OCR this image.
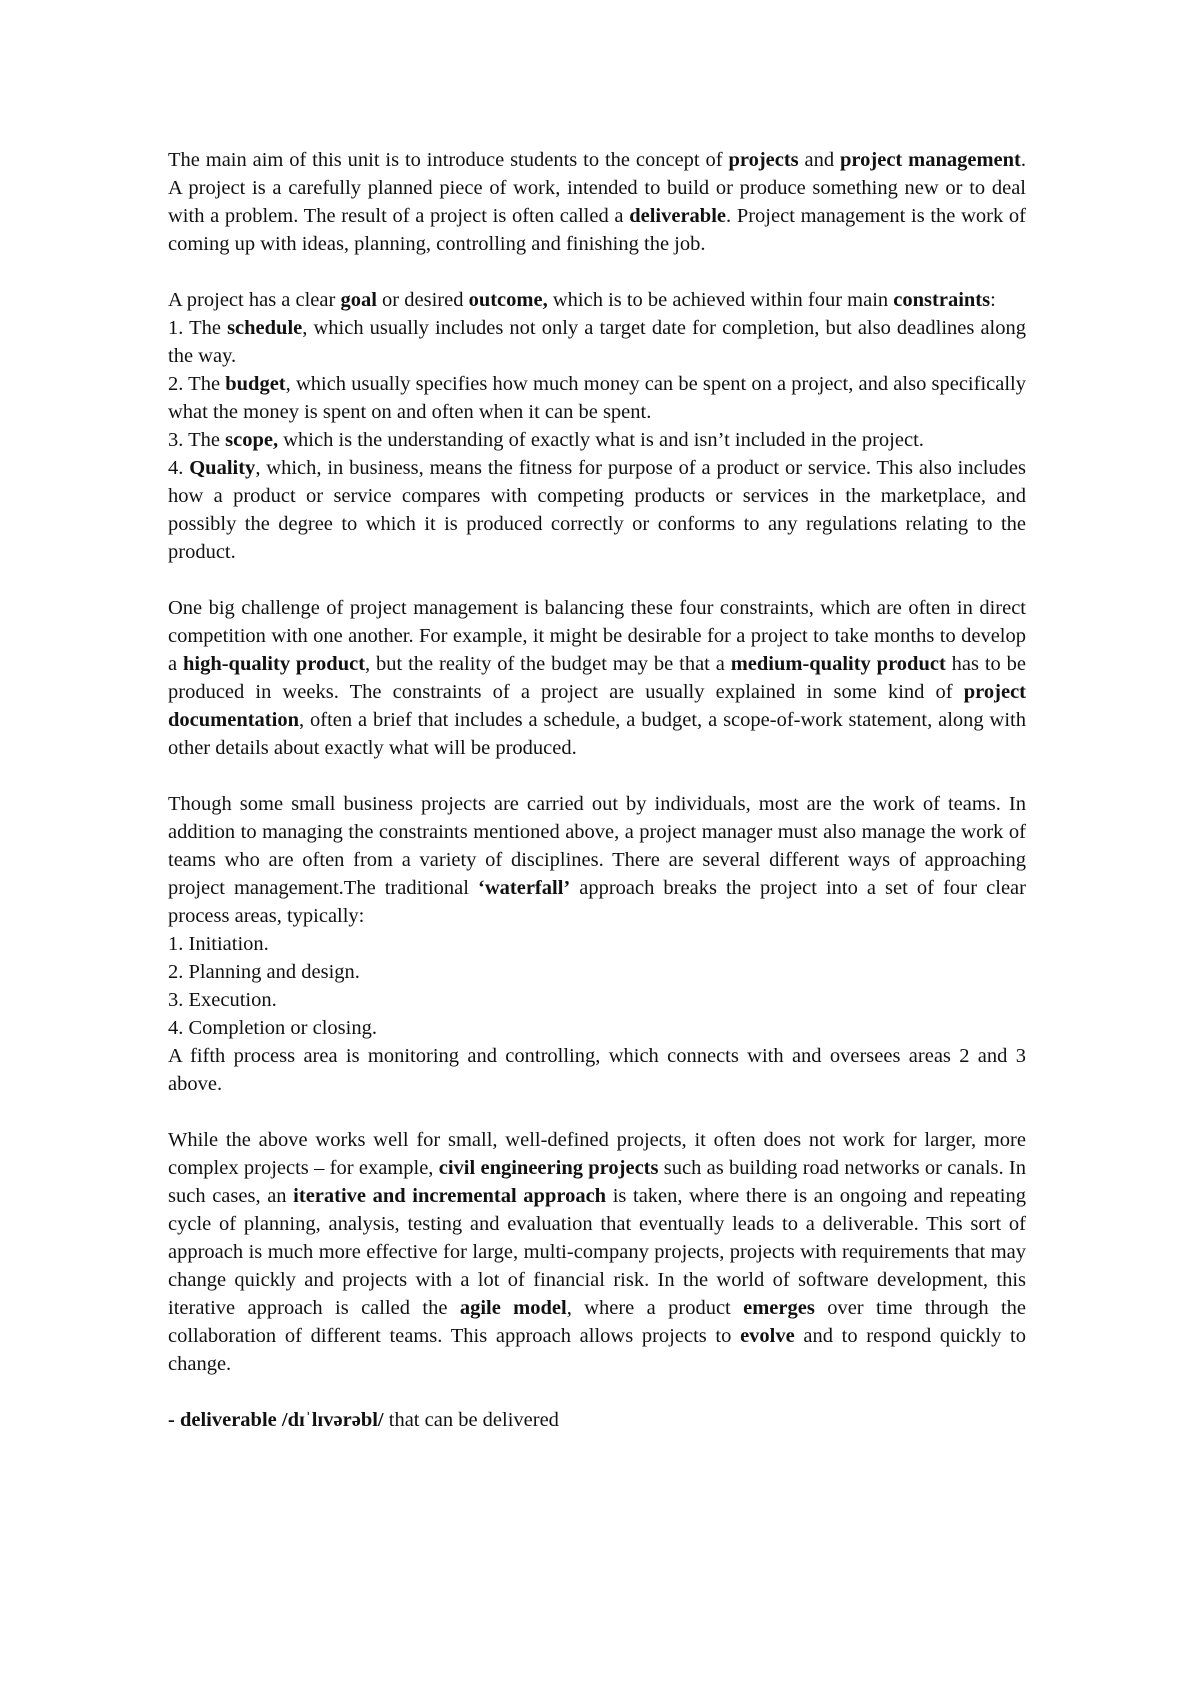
The main aim of this unit is to introduce students to the concept of projects and project management. A project is a carefully planned piece of work, intended to build or produce something new or to deal with a problem. The result of a project is often called a deliverable. Project management is the work of coming up with ideas, planning, controlling and finishing the job.

A project has a clear goal or desired outcome, which is to be achieved within four main constraints:

1. The schedule, which usually includes not only a target date for completion, but also deadlines along the way.

2. The budget, which usually specifies how much money can be spent on a project, and also specifically what the money is spent on and often when it can be spent.

3. The scope, which is the understanding of exactly what is and isn’t included in the project.

4. Quality, which, in business, means the fitness for purpose of a product or service. This also includes how a product or service compares with competing products or services in the marketplace, and possibly the degree to which it is produced correctly or conforms to any regulations relating to the product.

One big challenge of project management is balancing these four constraints, which are often in direct competition with one another. For example, it might be desirable for a project to take months to develop a high-quality product, but the reality of the budget may be that a medium-quality product has to be produced in weeks. The constraints of a project are usually explained in some kind of project documentation, often a brief that includes a schedule, a budget, a scope-of-work statement, along with other details about exactly what will be produced.

Though some small business projects are carried out by individuals, most are the work of teams. In addition to managing the constraints mentioned above, a project manager must also manage the work of teams who are often from a variety of disciplines. There are several different ways of approaching project management.The traditional ‘waterfall’ approach breaks the project into a set of four clear process areas, typically:

1. Initiation.

2. Planning and design.

3. Execution.

4. Completion or closing.

A fifth process area is monitoring and controlling, which connects with and oversees areas 2 and 3 above.

While the above works well for small, well-defined projects, it often does not work for larger, more complex projects – for example, civil engineering projects such as building road networks or canals. In such cases, an iterative and incremental approach is taken, where there is an ongoing and repeating cycle of planning, analysis, testing and evaluation that eventually leads to a deliverable. This sort of approach is much more effective for large, multi-company projects, projects with requirements that may change quickly and projects with a lot of financial risk. In the world of software development, this iterative approach is called the agile model, where a product emerges over time through the collaboration of different teams. This approach allows projects to evolve and to respond quickly to change.

- deliverable /dɪˈlɪvərəbl/ that can be delivered
